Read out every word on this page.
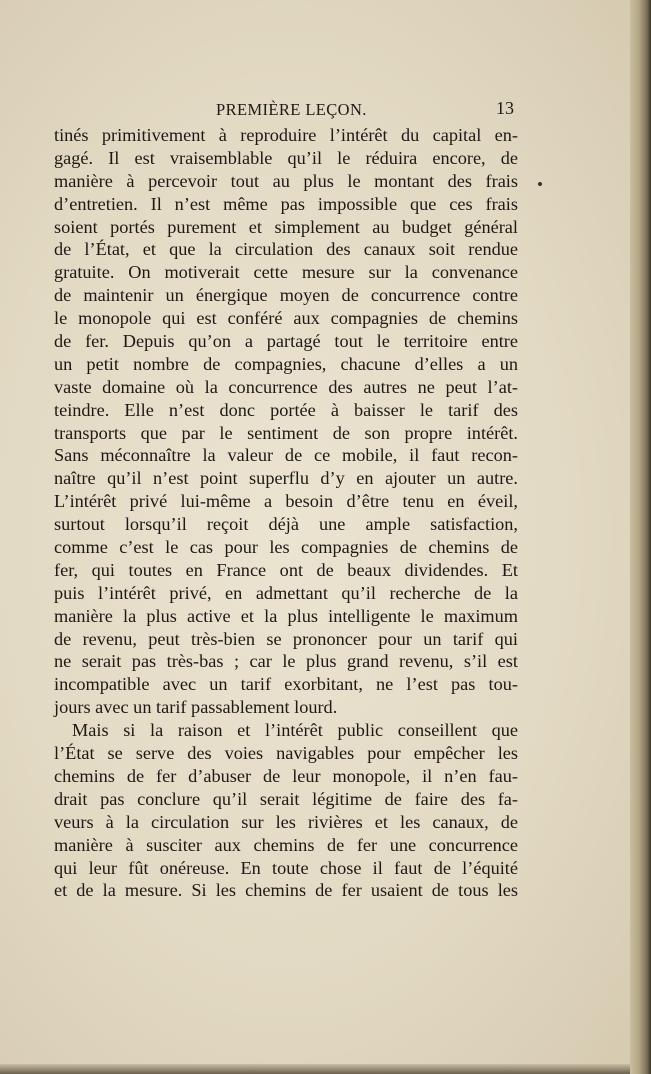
PREMIÈRE LEÇON.	13
tinés primitivement à reproduire l’intérêt du capital en-
gagé. Il est vraisemblable qu’il le réduira encore, de
manière à percevoir tout au plus le montant des frais
d’entretien. Il n’est même pas impossible que ces frais
soient portés purement et simplement au budget général
de l’État, et que la circulation des canaux soit rendue
gratuite. On motiverait cette mesure sur la convenance
de maintenir un énergique moyen de concurrence contre
le monopole qui est conféré aux compagnies de chemins
de fer. Depuis qu’on a partagé tout le territoire entre
un petit nombre de compagnies, chacune d’elles a un
vaste domaine où la concurrence des autres ne peut l’at-
teindre. Elle n’est donc portée à baisser le tarif des
transports que par le sentiment de son propre intérêt.
Sans méconnaître la valeur de ce mobile, il faut recon-
naître qu’il n’est point superflu d’y en ajouter un autre.
L’intérêt privé lui-même a besoin d’être tenu en éveil,
surtout lorsqu’il reçoit déjà une ample satisfaction,
comme c’est le cas pour les compagnies de chemins de
fer, qui toutes en France ont de beaux dividendes. Et
puis l’intérêt privé, en admettant qu’il recherche de la
manière la plus active et la plus intelligente le maximum
de revenu, peut très-bien se prononcer pour un tarif qui
ne serait pas très-bas ; car le plus grand revenu, s’il est
incompatible avec un tarif exorbitant, ne l’est pas tou-
jours avec un tarif passablement lourd.
Mais si la raison et l’intérêt public conseillent que
l’État se serve des voies navigables pour empêcher les
chemins de fer d’abuser de leur monopole, il n’en fau-
drait pas conclure qu’il serait légitime de faire des fa-
veurs à la circulation sur les rivières et les canaux, de
manière à susciter aux chemins de fer une concurrence
qui leur fût onéreuse. En toute chose il faut de l’équité
et de la mesure. Si les chemins de fer usaient de tous les
